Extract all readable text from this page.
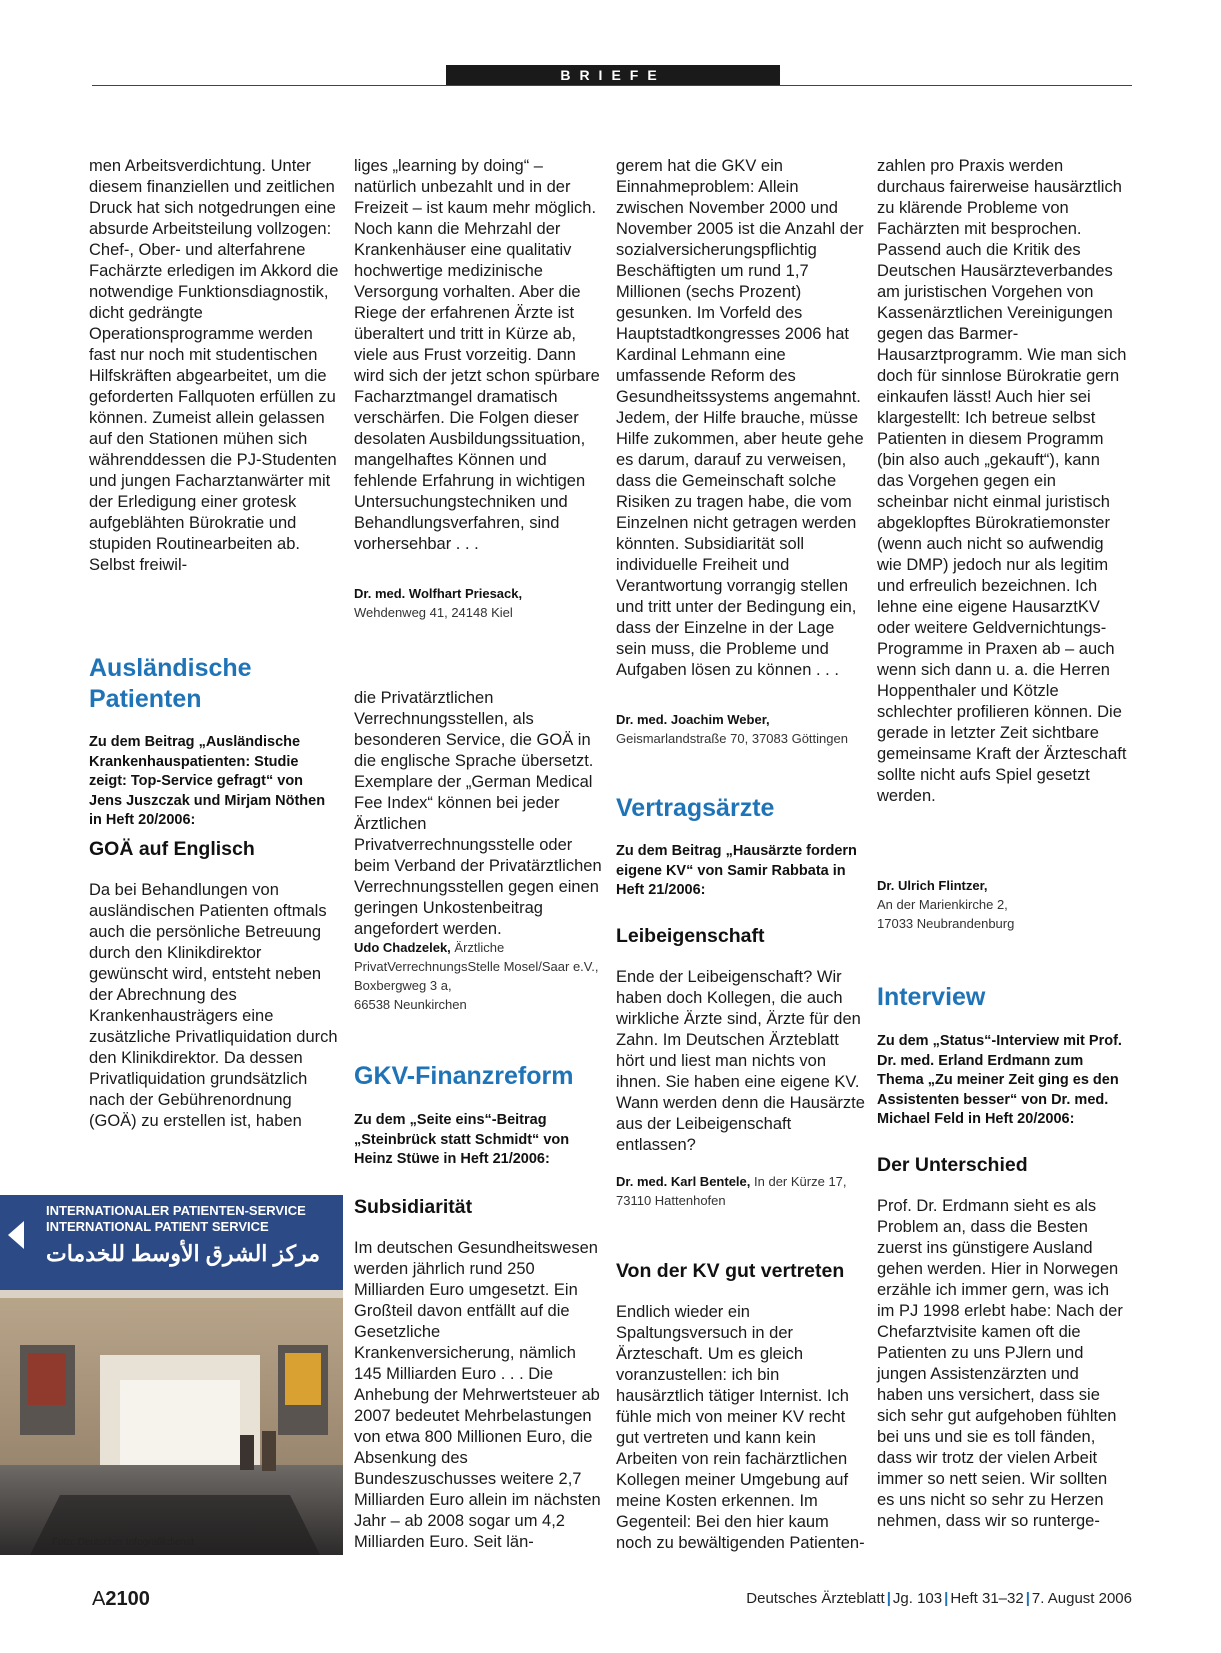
BRIEFE
men Arbeitsverdichtung. Unter diesem finanziellen und zeitlichen Druck hat sich notgedrungen eine absurde Arbeitsteilung vollzogen: Chef-, Ober- und alterfahrene Fachärzte erledigen im Akkord die notwendige Funktionsdiagnostik, dicht gedrängte Operationsprogramme werden fast nur noch mit studentischen Hilfskräften abgearbeitet, um die geforderten Fallquoten erfüllen zu können. Zumeist allein gelassen auf den Stationen mühen sich währenddessen die PJ-Studenten und jungen Facharztanwärter mit der Erledigung einer grotesk aufgeblähten Bürokratie und stupiden Routinearbeiten ab. Selbst freiwil-
Ausländische Patienten
Zu dem Beitrag „Ausländische Krankenhauspatienten: Studie zeigt: Top-Service gefragt“ von Jens Juszczak und Mirjam Nöthen in Heft 20/2006:
GOÄ auf Englisch
Da bei Behandlungen von ausländischen Patienten oftmals auch die persönliche Betreuung durch den Klinikdirektor gewünscht wird, entsteht neben der Abrechnung des Krankenhausträgers eine zusätzliche Privatliquidation durch den Klinikdirektor. Da dessen Privatliquidation grundsätzlich nach der Gebührenordnung (GOÄ) zu erstellen ist, haben
INTERNATIONALER PATIENTEN-SERVICE
INTERNATIONAL PATIENT SERVICE
مركز الشرق الأوسط للخدمات
Foto: Deutscher Infografikdienst
liges „learning by doing“ – natürlich unbezahlt und in der Freizeit – ist kaum mehr möglich. Noch kann die Mehrzahl der Krankenhäuser eine qualitativ hochwertige medizinische Versorgung vorhalten. Aber die Riege der erfahrenen Ärzte ist überaltert und tritt in Kürze ab, viele aus Frust vorzeitig. Dann wird sich der jetzt schon spürbare Facharztmangel dramatisch verschärfen. Die Folgen dieser desolaten Ausbildungssituation, mangelhaftes Können und fehlende Erfahrung in wichtigen Untersuchungstechniken und Behandlungsverfahren, sind vorhersehbar . . .
Dr. med. Wolfhart Priesack,
Wehdenweg 41, 24148 Kiel
die Privatärztlichen Verrechnungsstellen, als besonderen Service, die GOÄ in die englische Sprache übersetzt. Exemplare der „German Medical Fee Index“ können bei jeder Ärztlichen Privatverrechnungsstelle oder beim Verband der Privatärztlichen Verrechnungsstellen gegen einen geringen Unkostenbeitrag angefordert werden.
Udo Chadzelek, Ärztliche
PrivatVerrechnungsStelle Mosel/Saar e.V.,
Boxbergweg 3 a,
66538 Neunkirchen
GKV-Finanzreform
Zu dem „Seite eins“-Beitrag „Steinbrück statt Schmidt“ von Heinz Stüwe in Heft 21/2006:
Subsidiarität
Im deutschen Gesundheitswesen werden jährlich rund 250 Milliarden Euro umgesetzt. Ein Großteil davon entfällt auf die Gesetzliche Krankenversicherung, nämlich 145 Milliarden Euro . . . Die Anhebung der Mehrwertsteuer ab 2007 bedeutet Mehrbelastungen von etwa 800 Millionen Euro, die Absenkung des Bundeszuschusses weitere 2,7 Milliarden Euro allein im nächsten Jahr – ab 2008 sogar um 4,2 Milliarden Euro. Seit län-
gerem hat die GKV ein Einnahmeproblem: Allein zwischen November 2000 und November 2005 ist die Anzahl der sozialversicherungspflichtig Beschäftigten um rund 1,7 Millionen (sechs Prozent) gesunken. Im Vorfeld des Hauptstadtkongresses 2006 hat Kardinal Lehmann eine umfassende Reform des Gesundheitssystems angemahnt. Jedem, der Hilfe brauche, müsse Hilfe zukommen, aber heute gehe es darum, darauf zu verweisen, dass die Gemeinschaft solche Risiken zu tragen habe, die vom Einzelnen nicht getragen werden könnten. Subsidiarität soll individuelle Freiheit und Verantwortung vorrangig stellen und tritt unter der Bedingung ein, dass der Einzelne in der Lage sein muss, die Probleme und Aufgaben lösen zu können . . .
Dr. med. Joachim Weber,
Geismarlandstraße 70, 37083 Göttingen
Vertragsärzte
Zu dem Beitrag „Hausärzte fordern eigene KV“ von Samir Rabbata in Heft 21/2006:
Leibeigenschaft
Ende der Leibeigenschaft? Wir haben doch Kollegen, die auch wirkliche Ärzte sind, Ärzte für den Zahn. Im Deutschen Ärzteblatt hört und liest man nichts von ihnen. Sie haben eine eigene KV. Wann werden denn die Hausärzte aus der Leibeigenschaft entlassen?
Dr. med. Karl Bentele, In der Kürze 17,
73110 Hattenhofen
Von der KV gut vertreten
Endlich wieder ein Spaltungsversuch in der Ärzteschaft. Um es gleich voranzustellen: ich bin hausärztlich tätiger Internist. Ich fühle mich von meiner KV recht gut vertreten und kann kein Arbeiten von rein fachärztlichen Kollegen meiner Umgebung auf meine Kosten erkennen. Im Gegenteil: Bei den hier kaum noch zu bewältigenden Patienten-
zahlen pro Praxis werden durchaus fairerweise hausärztlich zu klärende Probleme von Fachärzten mit besprochen. Passend auch die Kritik des Deutschen Hausärzteverbandes am juristischen Vorgehen von Kassenärztlichen Vereinigungen gegen das Barmer-Hausarztprogramm. Wie man sich doch für sinnlose Bürokratie gern einkaufen lässt! Auch hier sei klargestellt: Ich betreue selbst Patienten in diesem Programm (bin also auch „gekauft“), kann das Vorgehen gegen ein scheinbar nicht einmal juristisch abgeklopftes Bürokratiemonster (wenn auch nicht so aufwendig wie DMP) jedoch nur als legitim und erfreulich bezeichnen. Ich lehne eine eigene HausarztKV oder weitere Geldvernichtungs-Programme in Praxen ab – auch wenn sich dann u. a. die Herren Hoppenthaler und Kötzle schlechter profilieren können. Die gerade in letzter Zeit sichtbare gemeinsame Kraft der Ärzteschaft sollte nicht aufs Spiel gesetzt werden.
Dr. Ulrich Flintzer,
An der Marienkirche 2,
17033 Neubrandenburg
Interview
Zu dem „Status“-Interview mit Prof. Dr. med. Erland Erdmann zum Thema „Zu meiner Zeit ging es den Assistenten besser“ von Dr. med. Michael Feld in Heft 20/2006:
Der Unterschied
Prof. Dr. Erdmann sieht es als Problem an, dass die Besten zuerst ins günstigere Ausland gehen werden. Hier in Norwegen erzähle ich immer gern, was ich im PJ 1998 erlebt habe: Nach der Chefarztvisite kamen oft die Patienten zu uns PJlern und jungen Assistenzärzten und haben uns versichert, dass sie sich sehr gut aufgehoben fühlten bei uns und sie es toll fänden, dass wir trotz der vielen Arbeit immer so nett seien. Wir sollten es uns nicht so sehr zu Herzen nehmen, dass wir so runterge-
A2100	Deutsches Ärzteblatt | Jg. 103 | Heft 31–32 | 7. August 2006
